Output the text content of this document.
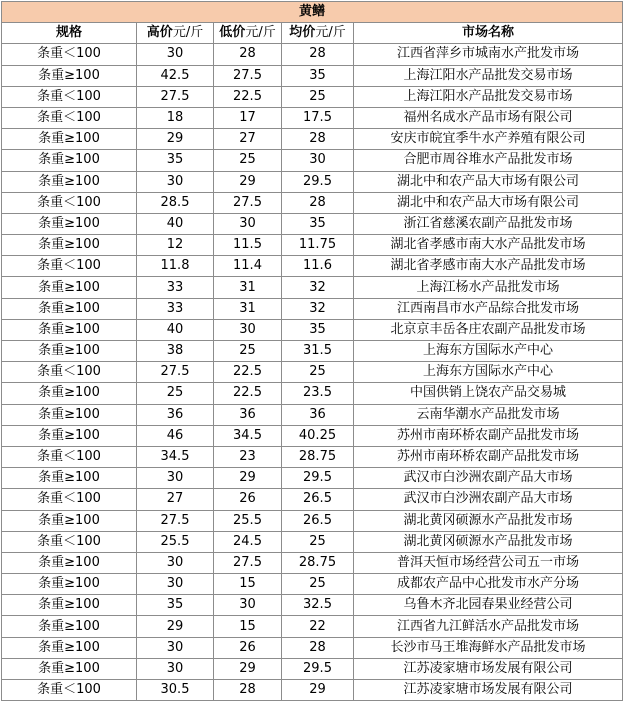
黄鳝				
规格	高价元/斤	低价元/斤	均价元/斤	市场名称
条重＜100	30	28	28	江西省萍乡市城南水产批发市场
条重≥100	42.5	27.5	35	上海江阳水产品批发交易市场
条重＜100	27.5	22.5	25	上海江阳水产品批发交易市场
条重＜100	18	17	17.5	福州名成水产品市场有限公司
条重≥100	29	27	28	安庆市皖宜季牛水产养殖有限公司
条重≥100	35	25	30	合肥市周谷堆水产品批发市场
条重≥100	30	29	29.5	湖北中和农产品大市场有限公司
条重＜100	28.5	27.5	28	湖北中和农产品大市场有限公司
条重≥100	40	30	35	浙江省慈溪农副产品批发市场
条重≥100	12	11.5	11.75	湖北省孝感市南大水产品批发市场
条重＜100	11.8	11.4	11.6	湖北省孝感市南大水产品批发市场
条重≥100	33	31	32	上海江杨水产品批发市场
条重≥100	33	31	32	江西南昌市水产品综合批发市场
条重≥100	40	30	35	北京京丰岳各庄农副产品批发市场
条重≥100	38	25	31.5	上海东方国际水产中心
条重＜100	27.5	22.5	25	上海东方国际水产中心
条重≥100	25	22.5	23.5	中国供销上饶农产品交易城
条重≥100	36	36	36	云南华潮水产品批发市场
条重≥100	46	34.5	40.25	苏州市南环桥农副产品批发市场
条重＜100	34.5	23	28.75	苏州市南环桥农副产品批发市场
条重≥100	30	29	29.5	武汉市白沙洲农副产品大市场
条重＜100	27	26	26.5	武汉市白沙洲农副产品大市场
条重≥100	27.5	25.5	26.5	湖北黄冈硕源水产品批发市场
条重＜100	25.5	24.5	25	湖北黄冈硕源水产品批发市场
条重≥100	30	27.5	28.75	普洱天恒市场经营公司五一市场
条重≥100	30	15	25	成都农产品中心批发市水产分场
条重≥100	35	30	32.5	乌鲁木齐北园春果业经营公司
条重≥100	29	15	22	江西省九江鲜活水产品批发市场
条重≥100	30	26	28	长沙市马王堆海鲜水产品批发市场
条重≥100	30	29	29.5	江苏凌家塘市场发展有限公司
条重＜100	30.5	28	29	江苏凌家塘市场发展有限公司
